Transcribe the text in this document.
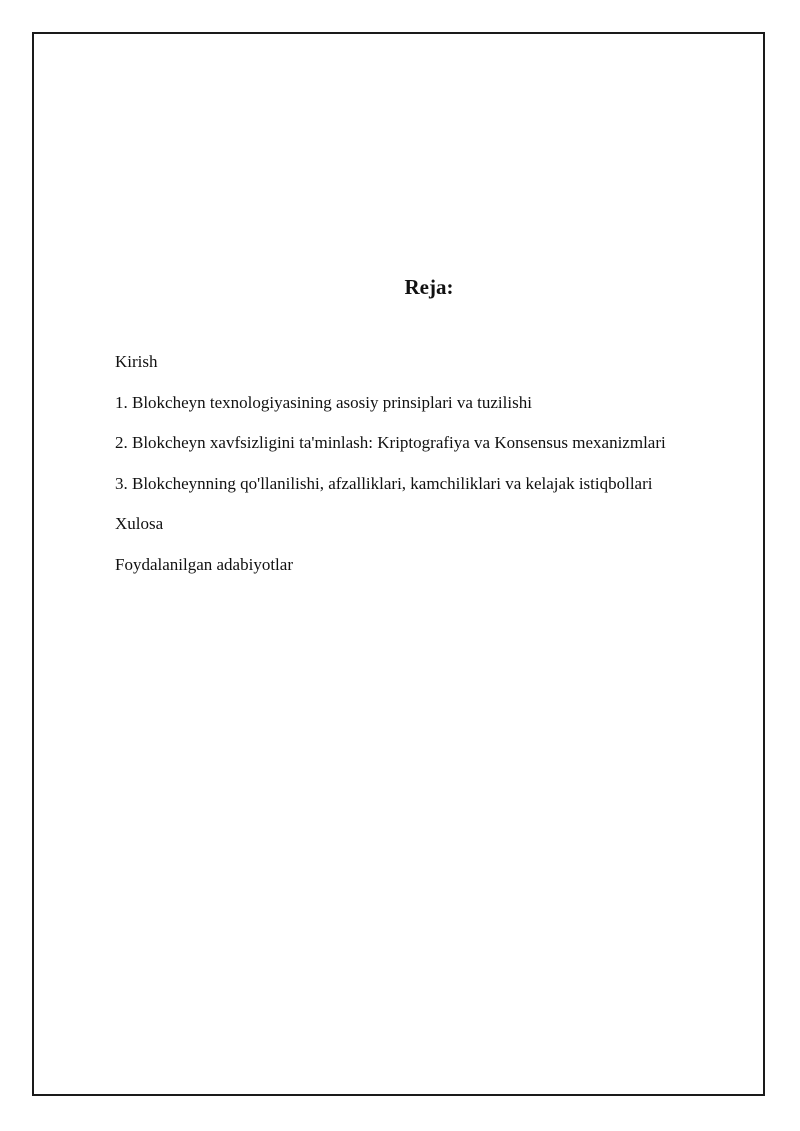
Reja:
Kirish
1. Blokcheyn texnologiyasining asosiy prinsiplari va tuzilishi
2. Blokcheyn xavfsizligini ta'minlash: Kriptografiya va Konsensus mexanizmlari
3. Blokcheynning qo'llanilishi, afzalliklari, kamchiliklari va kelajak istiqbollari
Xulosa
Foydalanilgan adabiyotlar
